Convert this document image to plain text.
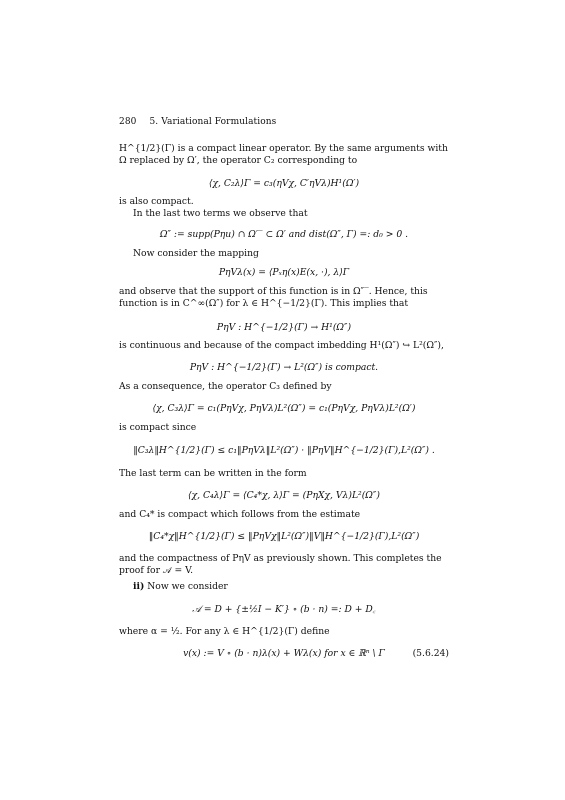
280 5. Variational Formulations
H^{1/2}(Γ) is a compact linear operator. By the same arguments with Ω replaced by Ω′, the operator C₂ corresponding to
⟨χ, C₂λ⟩Γ = c₃(ηVχ, C′ηVλ)H¹(Ω′)
is also compact.
In the last two terms we observe that
Ω″ := supp(Pηu) ∩ Ω′‾ ⊂ Ω′ and dist(Ω″, Γ) =: d₀ > 0 .
Now consider the mapping
PηVλ(x) = ⟨Pₓη(x)E(x, ·), λ⟩Γ
and observe that the support of this function is in Ω″‾. Hence, this function is in C^∞(Ω″) for λ ∈ H^{−1/2}(Γ). This implies that
PηV : H^{−1/2}(Γ) → H¹(Ω″)
is continuous and because of the compact imbedding H¹(Ω″) ↪ L²(Ω″),
PηV : H^{−1/2}(Γ) → L²(Ω″) is compact.
As a consequence, the operator C₃ defined by
⟨χ, C₃λ⟩Γ = c₁(PηVχ, PηVλ)L²(Ω″) = c₁(PηVχ, PηVλ)L²(Ω′)
is compact since
‖C₃λ‖H^{1/2}(Γ) ≤ c₁‖PηVλ‖L²(Ω″) · ‖PηV‖H^{−1/2}(Γ),L²(Ω″) .
The last term can be written in the form
⟨χ, C₄λ⟩Γ = ⟨C₄*χ, λ⟩Γ = (PηXχ, Vλ)L²(Ω″)
and C₄* is compact which follows from the estimate
‖C₄*χ‖H^{1/2}(Γ) ≤ ‖PηVχ‖L²(Ω″)‖V‖H^{−1/2}(Γ),L²(Ω″)
and the compactness of PηV as previously shown. This completes the proof for 𝒜 = V.
ii) Now we consider
𝒜 = D + {±½I − K′} ∘ (b · n) =: D + D꜀
where α = ½. For any λ ∈ H^{1/2}(Γ) define
v(x) := V ∘ (b · n)λ(x) + Wλ(x) for x ∈ ℝⁿ \ Γ	(5.6.24)
